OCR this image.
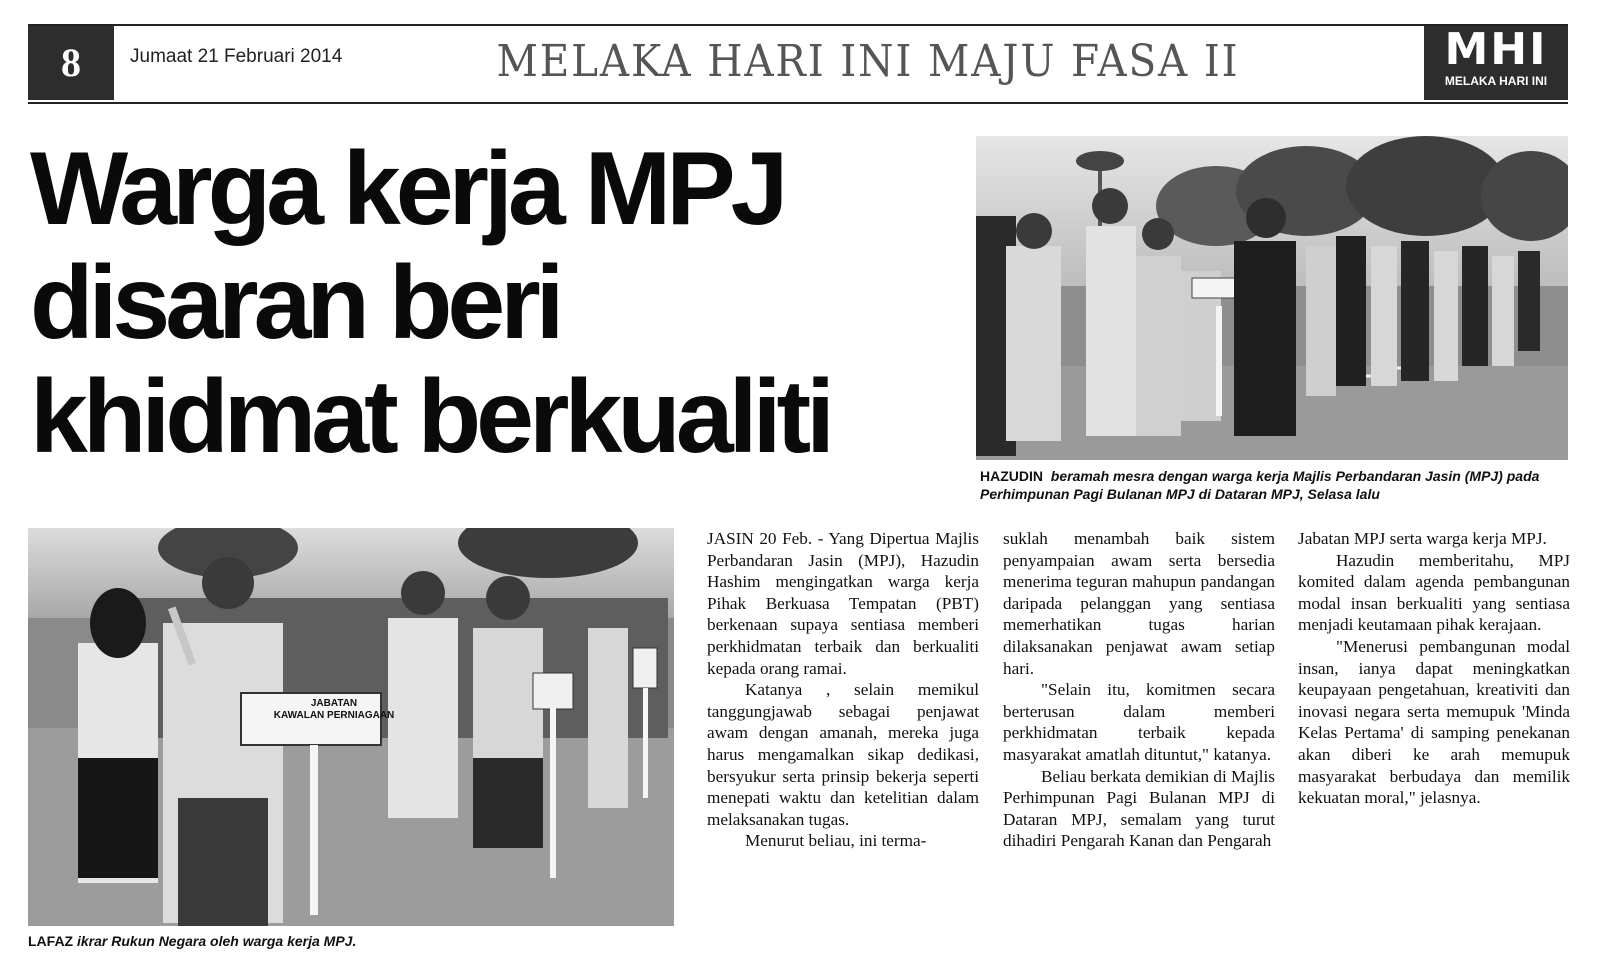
8	Jumaat 21 Februari 2014	MELAKA HARI INI MAJU FASA II	MHI
MELAKA HARI INI
Warga kerja MPJ
disaran beri
khidmat berkualiti
HAZUDIN beramah mesra dengan warga kerja Majlis Perbandaran Jasin (MPJ) pada Perhimpunan Pagi Bulanan MPJ di Dataran MPJ, Selasa lalu
JABATAN
KAWALAN PERNIAGAAN
LAFAZ ikrar Rukun Negara oleh warga kerja MPJ.

JASIN 20 Feb. - Yang Dipertua Majlis Perbandaran Jasin (MPJ), Hazudin Hashim mengingatkan warga kerja Pihak Berkuasa Tempatan (PBT) berkenaan supaya sentiasa memberi perkhidmatan terbaik dan berkualiti kepada orang ramai.

Katanya , selain memikul tanggungjawab sebagai penjawat awam dengan amanah, mereka juga harus mengamalkan sikap dedikasi, bersyukur serta prinsip bekerja seperti menepati waktu dan ketelitian dalam melaksanakan tugas.

Menurut beliau, ini terma-

suklah menambah baik sistem penyampaian awam serta bersedia menerima teguran mahupun pandangan daripada pelanggan yang sentiasa memerhatikan tugas harian dilaksanakan penjawat awam setiap hari.

"Selain itu, komitmen secara berterusan dalam memberi perkhidmatan terbaik kepada masyarakat amatlah dituntut," katanya.

Beliau berkata demikian di Majlis Perhimpunan Pagi Bulanan MPJ di Dataran MPJ, semalam yang turut dihadiri Pengarah Kanan dan Pengarah

Jabatan MPJ serta warga kerja MPJ.

Hazudin memberitahu, MPJ komited dalam agenda pembangunan modal insan berkualiti yang sentiasa menjadi keutamaan pihak kerajaan.

"Menerusi pembangunan modal insan, ianya dapat meningkatkan keupayaan pengetahuan, kreativiti dan inovasi negara serta memupuk 'Minda Kelas Pertama' di samping penekanan akan diberi ke arah memupuk masyarakat berbudaya dan memilik kekuatan moral," jelasnya.
